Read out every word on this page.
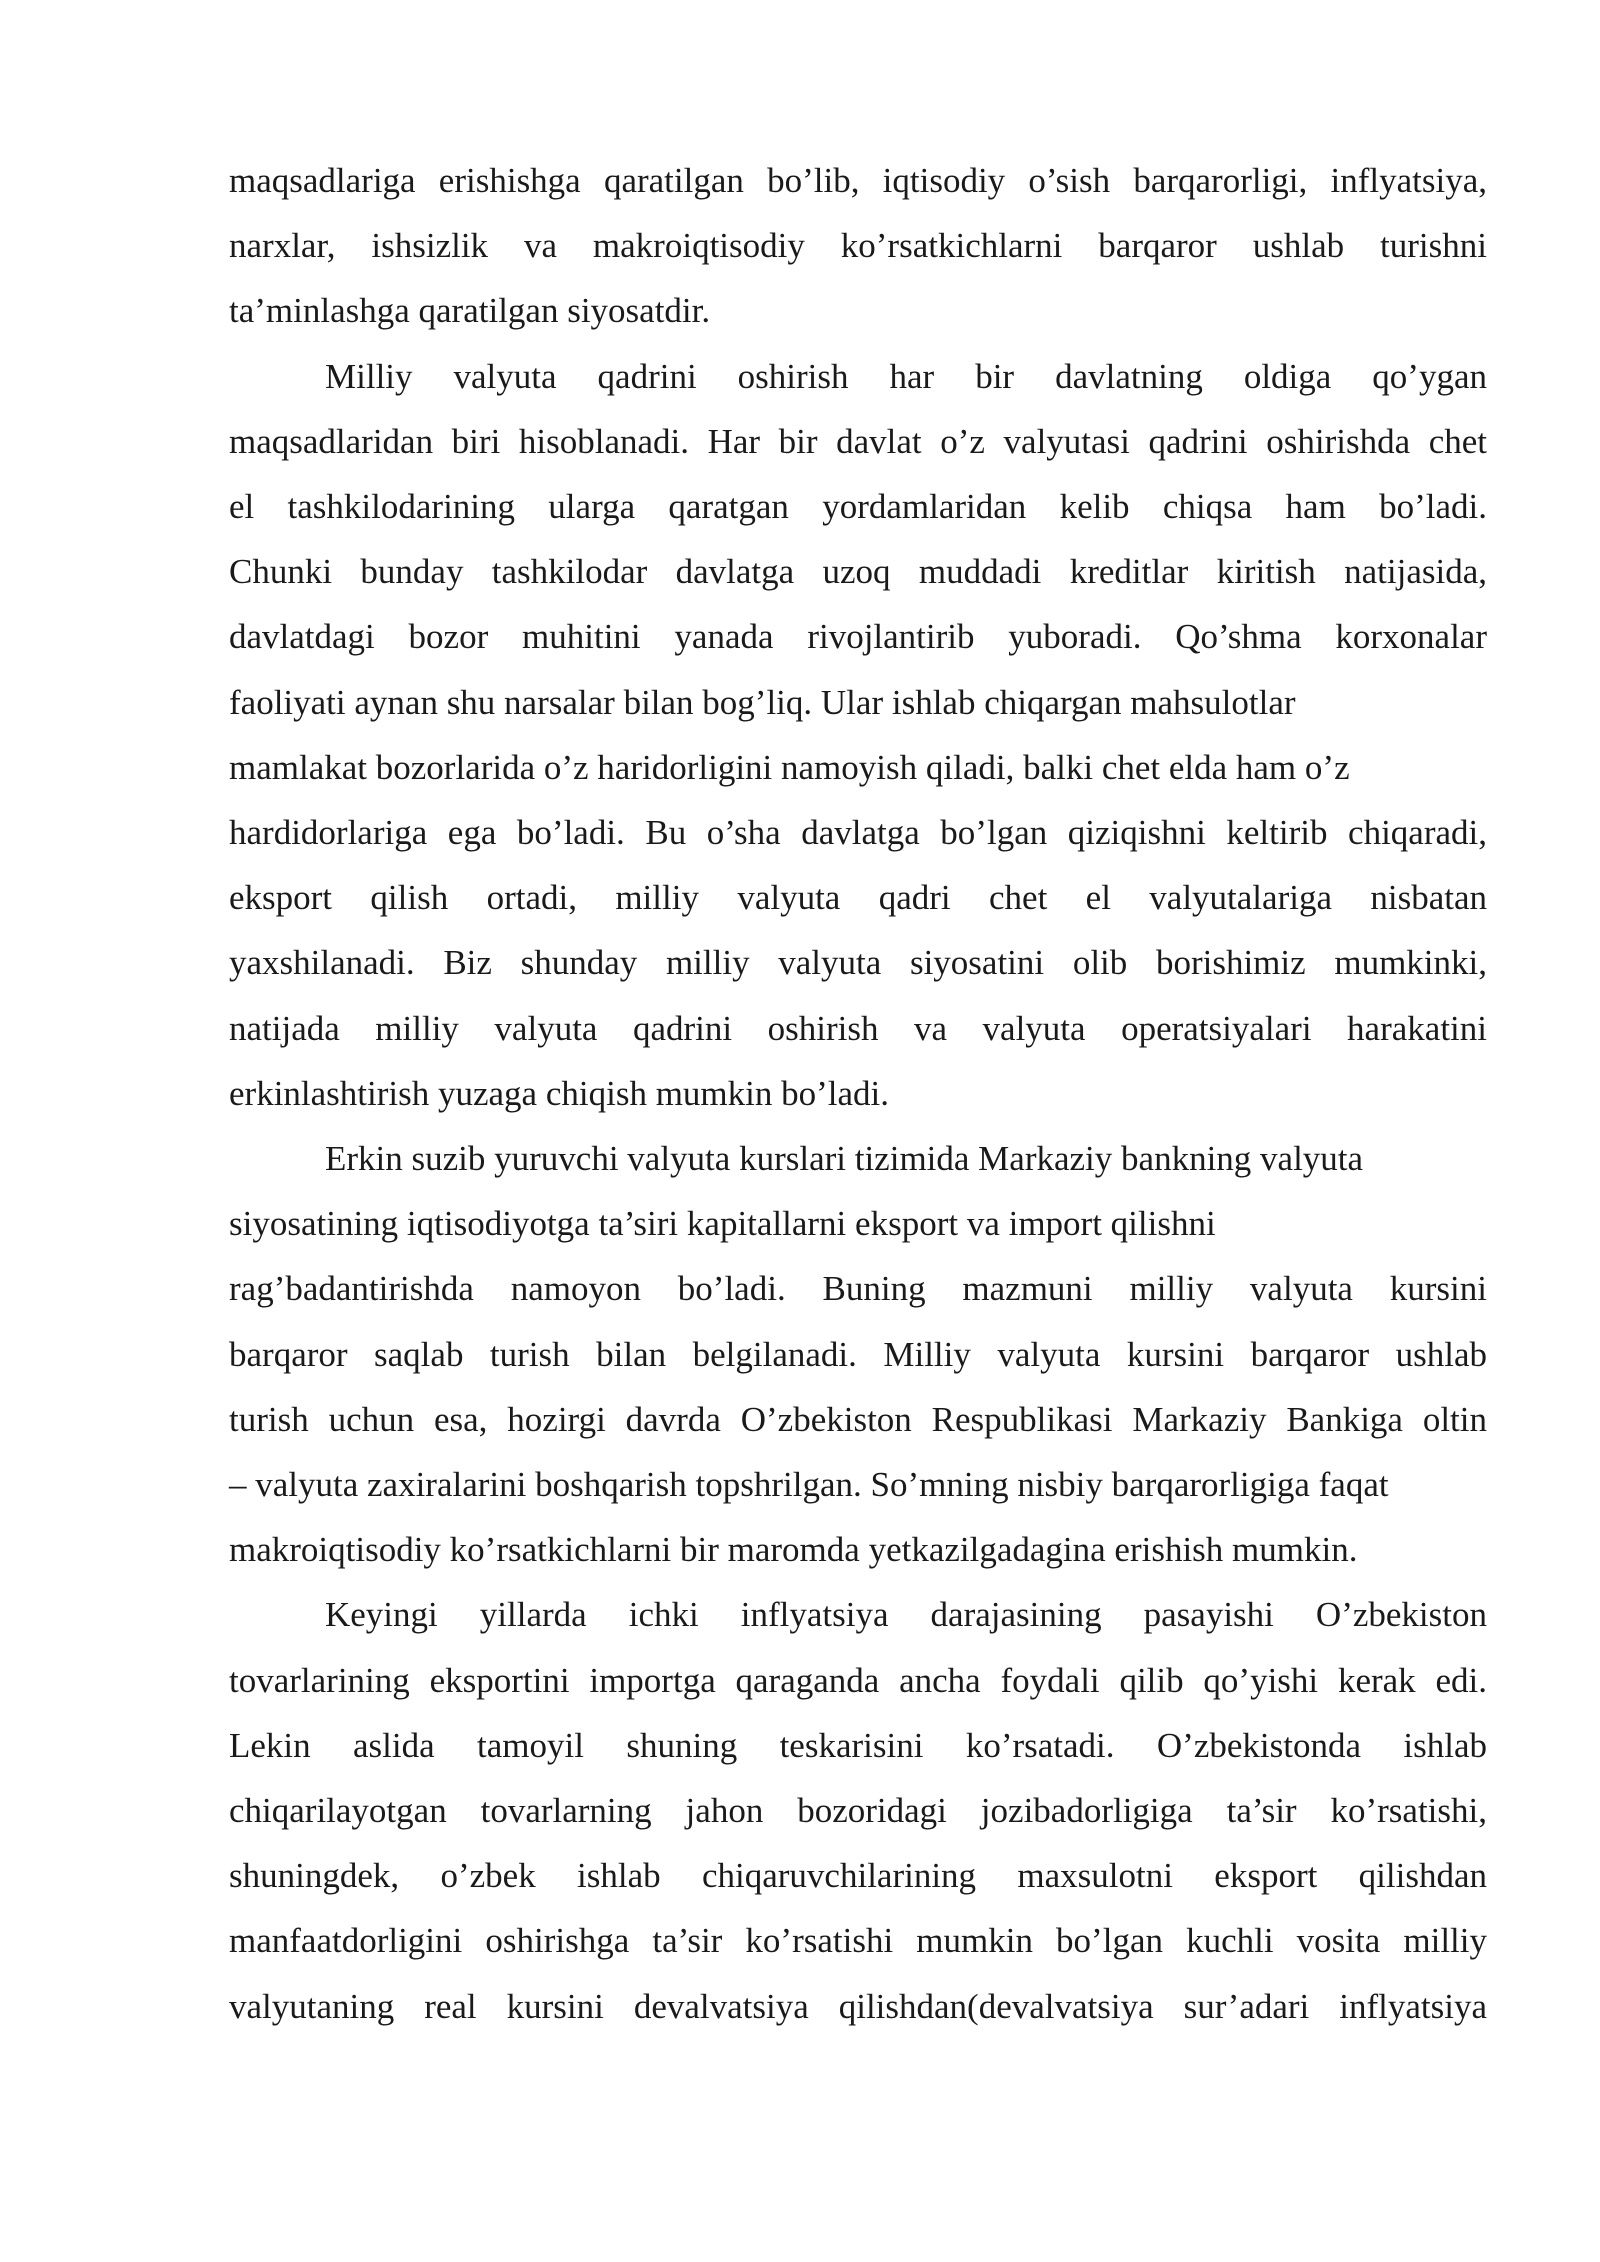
maqsadlariga erishishga qaratilgan bo’lib, iqtisodiy o’sish barqarorligi, inflyatsiya,
narxlar, ishsizlik va makroiqtisodiy ko’rsatkichlarni barqaror ushlab turishni
ta’minlashga qaratilgan siyosatdir.
Milliy valyuta qadrini oshirish har bir davlatning oldiga qo’ygan
maqsadlaridan biri hisoblanadi. Har bir davlat o’z valyutasi qadrini oshirishda chet
el tashkilodarining ularga qaratgan yordamlaridan kelib chiqsa ham bo’ladi.
Chunki bunday tashkilodar davlatga uzoq muddadi kreditlar kiritish natijasida,
davlatdagi bozor muhitini yanada rivojlantirib yuboradi. Qo’shma korxonalar
faoliyati aynan shu narsalar bilan bog’liq. Ular ishlab chiqargan mahsulotlar
mamlakat bozorlarida o’z haridorligini namoyish qiladi, balki chet elda ham o’z
hardidorlariga ega bo’ladi. Bu o’sha davlatga bo’lgan qiziqishni keltirib chiqaradi,
eksport qilish ortadi, milliy valyuta qadri chet el valyutalariga nisbatan
yaxshilanadi. Biz shunday milliy valyuta siyosatini olib borishimiz mumkinki,
natijada milliy valyuta qadrini oshirish va valyuta operatsiyalari harakatini
erkinlashtirish yuzaga chiqish mumkin bo’ladi.
Erkin suzib yuruvchi valyuta kurslari tizimida Markaziy bankning valyuta
siyosatining iqtisodiyotga ta’siri kapitallarni eksport va import qilishni
rag’badantirishda namoyon bo’ladi. Buning mazmuni milliy valyuta kursini
barqaror saqlab turish bilan belgilanadi. Milliy valyuta kursini barqaror ushlab
turish uchun esa, hozirgi davrda O’zbekiston Respublikasi Markaziy Bankiga oltin
– valyuta zaxiralarini boshqarish topshrilgan. So’mning nisbiy barqarorligiga faqat
makroiqtisodiy ko’rsatkichlarni bir maromda yetkazilgadagina erishish mumkin.
Keyingi yillarda ichki inflyatsiya darajasining pasayishi O’zbekiston
tovarlarining eksportini importga qaraganda ancha foydali qilib qo’yishi kerak edi.
Lekin aslida tamoyil shuning teskarisini ko’rsatadi. O’zbekistonda ishlab
chiqarilayotgan tovarlarning jahon bozoridagi jozibadorligiga ta’sir ko’rsatishi,
shuningdek, o’zbek ishlab chiqaruvchilarining maxsulotni eksport qilishdan
manfaatdorligini oshirishga ta’sir ko’rsatishi mumkin bo’lgan kuchli vosita milliy
valyutaning real kursini devalvatsiya qilishdan(devalvatsiya sur’adari inflyatsiya
